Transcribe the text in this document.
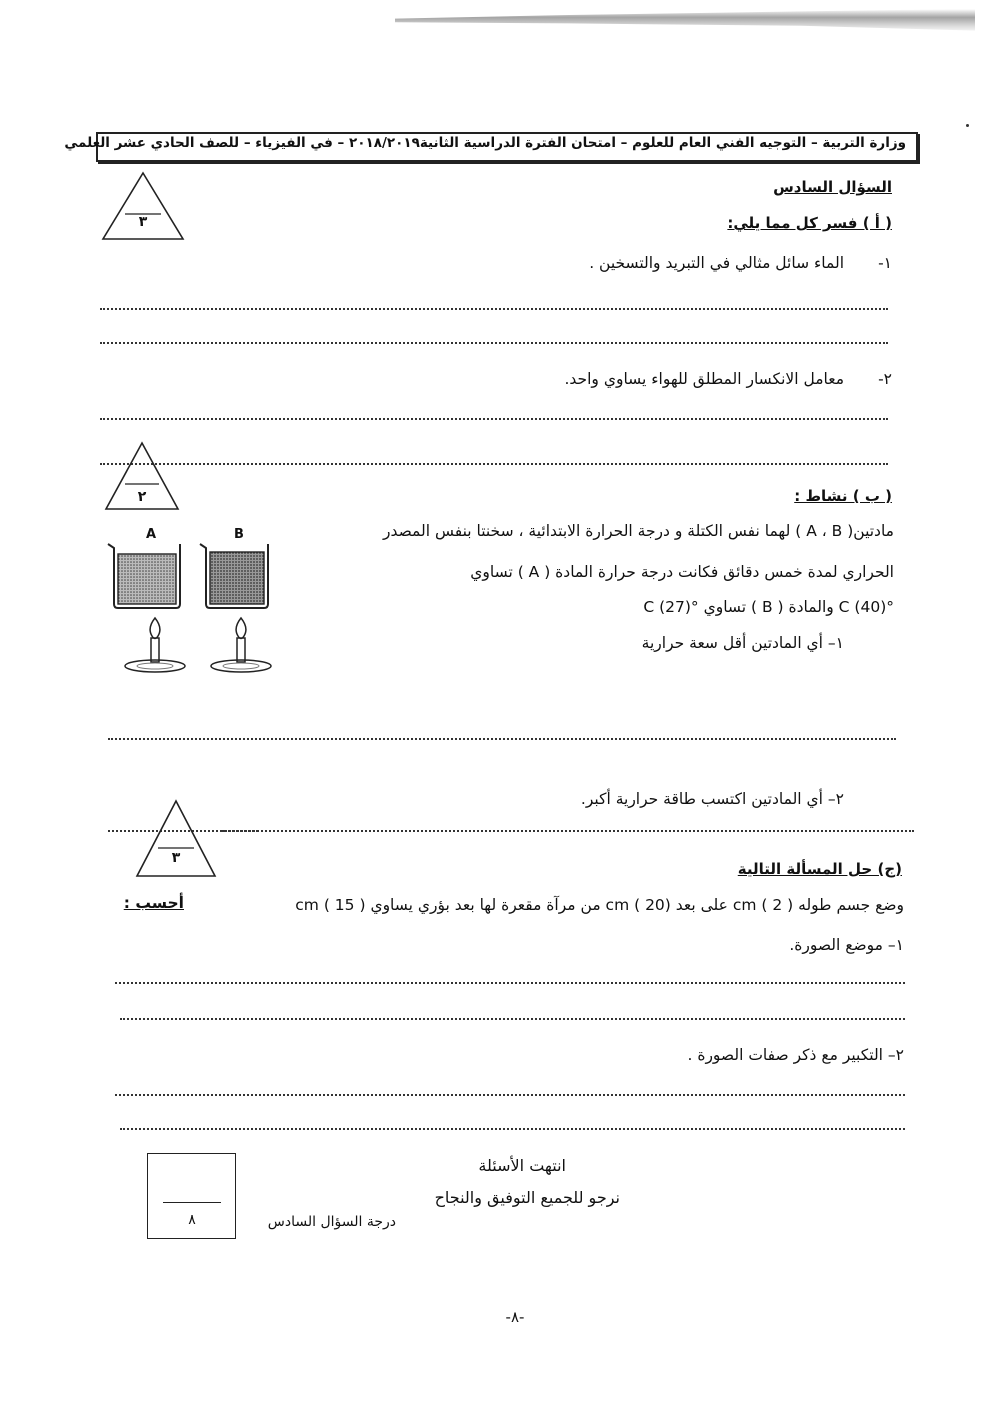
وزارة التربية – التوجيه الفني العام للعلوم – امتحان الفترة الدراسية الثانية٢٠١٨/٢٠١٩ – في الفيزياء – للصف الحادي عشر العلمي
السؤال السادس
٣	( أ ) فسر كل مما يلي:
١-
الماء سائل مثالي في التبريد والتسخين .
٢-
معامل الانكسار المطلق للهواء يساوي واحد.
٢	( ب ) نشاط :
مادتين( A ، B ) لهما نفس الكتلة و درجة الحرارة الابتدائية ، سخنتا بنفس المصدر
الحراري لمدة خمس دقائق فكانت درجة حرارة المادة ( A ) تساوي
°C (40) والمادة ( B ) تساوي °C (27)
١– أي المادتين أقل سعة حرارية
A	B
٢– أي المادتين اكتسب طاقة حرارية أكبر.
٣
(ج) حل المسألة التالية
وضع جسم طوله cm ( 2 ) على بعد cm ( 20) من مرآة مقعرة لها بعد بؤري يساوي cm ( 15 )
أحسب :
١– موضع الصورة.
٢– التكبير مع ذكر صفات الصورة .
انتهت الأسئلة
نرجو للجميع التوفيق والنجاح
٨	درجة السؤال السادس
-٨-
